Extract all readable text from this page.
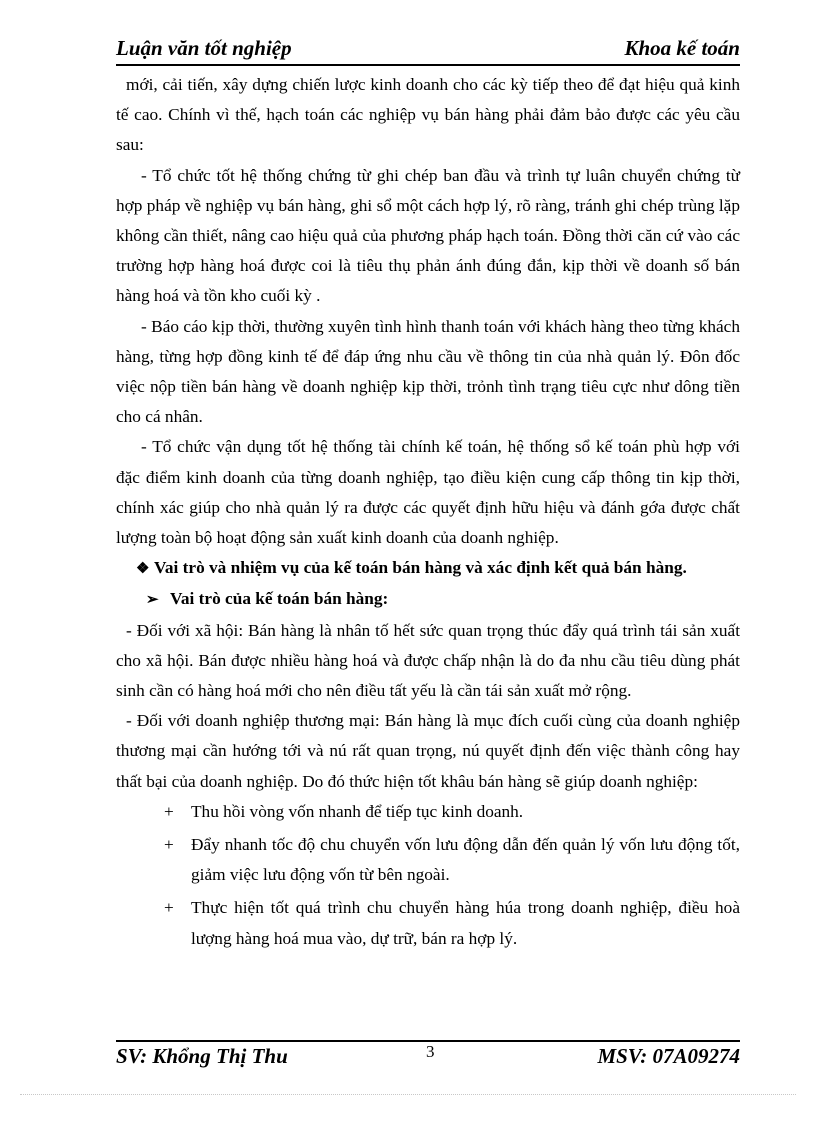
Luận văn tốt nghiệp	Khoa kế toán

mới, cải tiến, xây dựng chiến lược kinh doanh cho các kỳ tiếp theo để đạt hiệu quả kinh tế cao. Chính vì thế, hạch toán các nghiệp vụ bán hàng phải đảm bảo được các yêu cầu sau:

- Tổ chức tốt hệ thống chứng từ ghi chép ban đầu và trình tự luân chuyển chứng từ hợp pháp về nghiệp vụ bán hàng, ghi sổ một cách hợp lý, rõ ràng, tránh ghi chép trùng lặp không cần thiết, nâng cao hiệu quả của phương pháp hạch toán. Đồng thời căn cứ vào các trường hợp hàng hoá được coi là tiêu thụ phản ánh đúng đắn, kịp thời về doanh số bán hàng hoá và tồn kho cuối kỳ .

- Báo cáo kịp thời, thường xuyên tình hình thanh toán với khách hàng theo từng khách hàng, từng hợp đồng kinh tế để đáp ứng nhu cầu về thông tin của nhà quản lý. Đôn đốc việc nộp tiền bán hàng về doanh nghiệp kịp thời, trỏnh tình trạng tiêu cực như dông tiền cho cá nhân.

- Tổ chức vận dụng tốt hệ thống tài chính kế toán, hệ thống sổ kế toán phù hợp với đặc điểm kinh doanh của từng doanh nghiệp, tạo điều kiện cung cấp thông tin kịp thời, chính xác giúp cho nhà quản lý ra được các quyết định hữu hiệu và đánh gớa được chất lượng toàn bộ hoạt động sản xuất kinh doanh của doanh nghiệp.

❖ Vai trò và nhiệm vụ của kế toán bán hàng và xác định kết quả bán hàng.

➢ Vai trò của kế toán bán hàng:

- Đối với xã hội: Bán hàng là nhân tố hết sức quan trọng thúc đẩy quá trình tái sản xuất cho xã hội. Bán được nhiều hàng hoá và được chấp nhận là do đa nhu cầu tiêu dùng phát sinh cần có hàng hoá mới cho nên điều tất yếu là cần tái sản xuất mở rộng.

- Đối với doanh nghiệp thương mại: Bán hàng là mục đích cuối cùng của doanh nghiệp thương mại cần hướng tới và nú rất quan trọng, nú quyết định đến việc thành công hay thất bại của doanh nghiệp. Do đó thức hiện tốt khâu bán hàng sẽ giúp doanh nghiệp:

+ Thu hồi vòng vốn nhanh để tiếp tục kinh doanh.
+ Đẩy nhanh tốc độ chu chuyển vốn lưu động dẫn đến quản lý vốn lưu động tốt, giảm việc lưu động vốn từ bên ngoài.
+ Thực hiện tốt quá trình chu chuyển hàng húa trong doanh nghiệp, điều hoà lượng hàng hoá mua vào, dự trữ, bán ra hợp lý.
SV: Khổng Thị Thu	3	MSV: 07A09274
